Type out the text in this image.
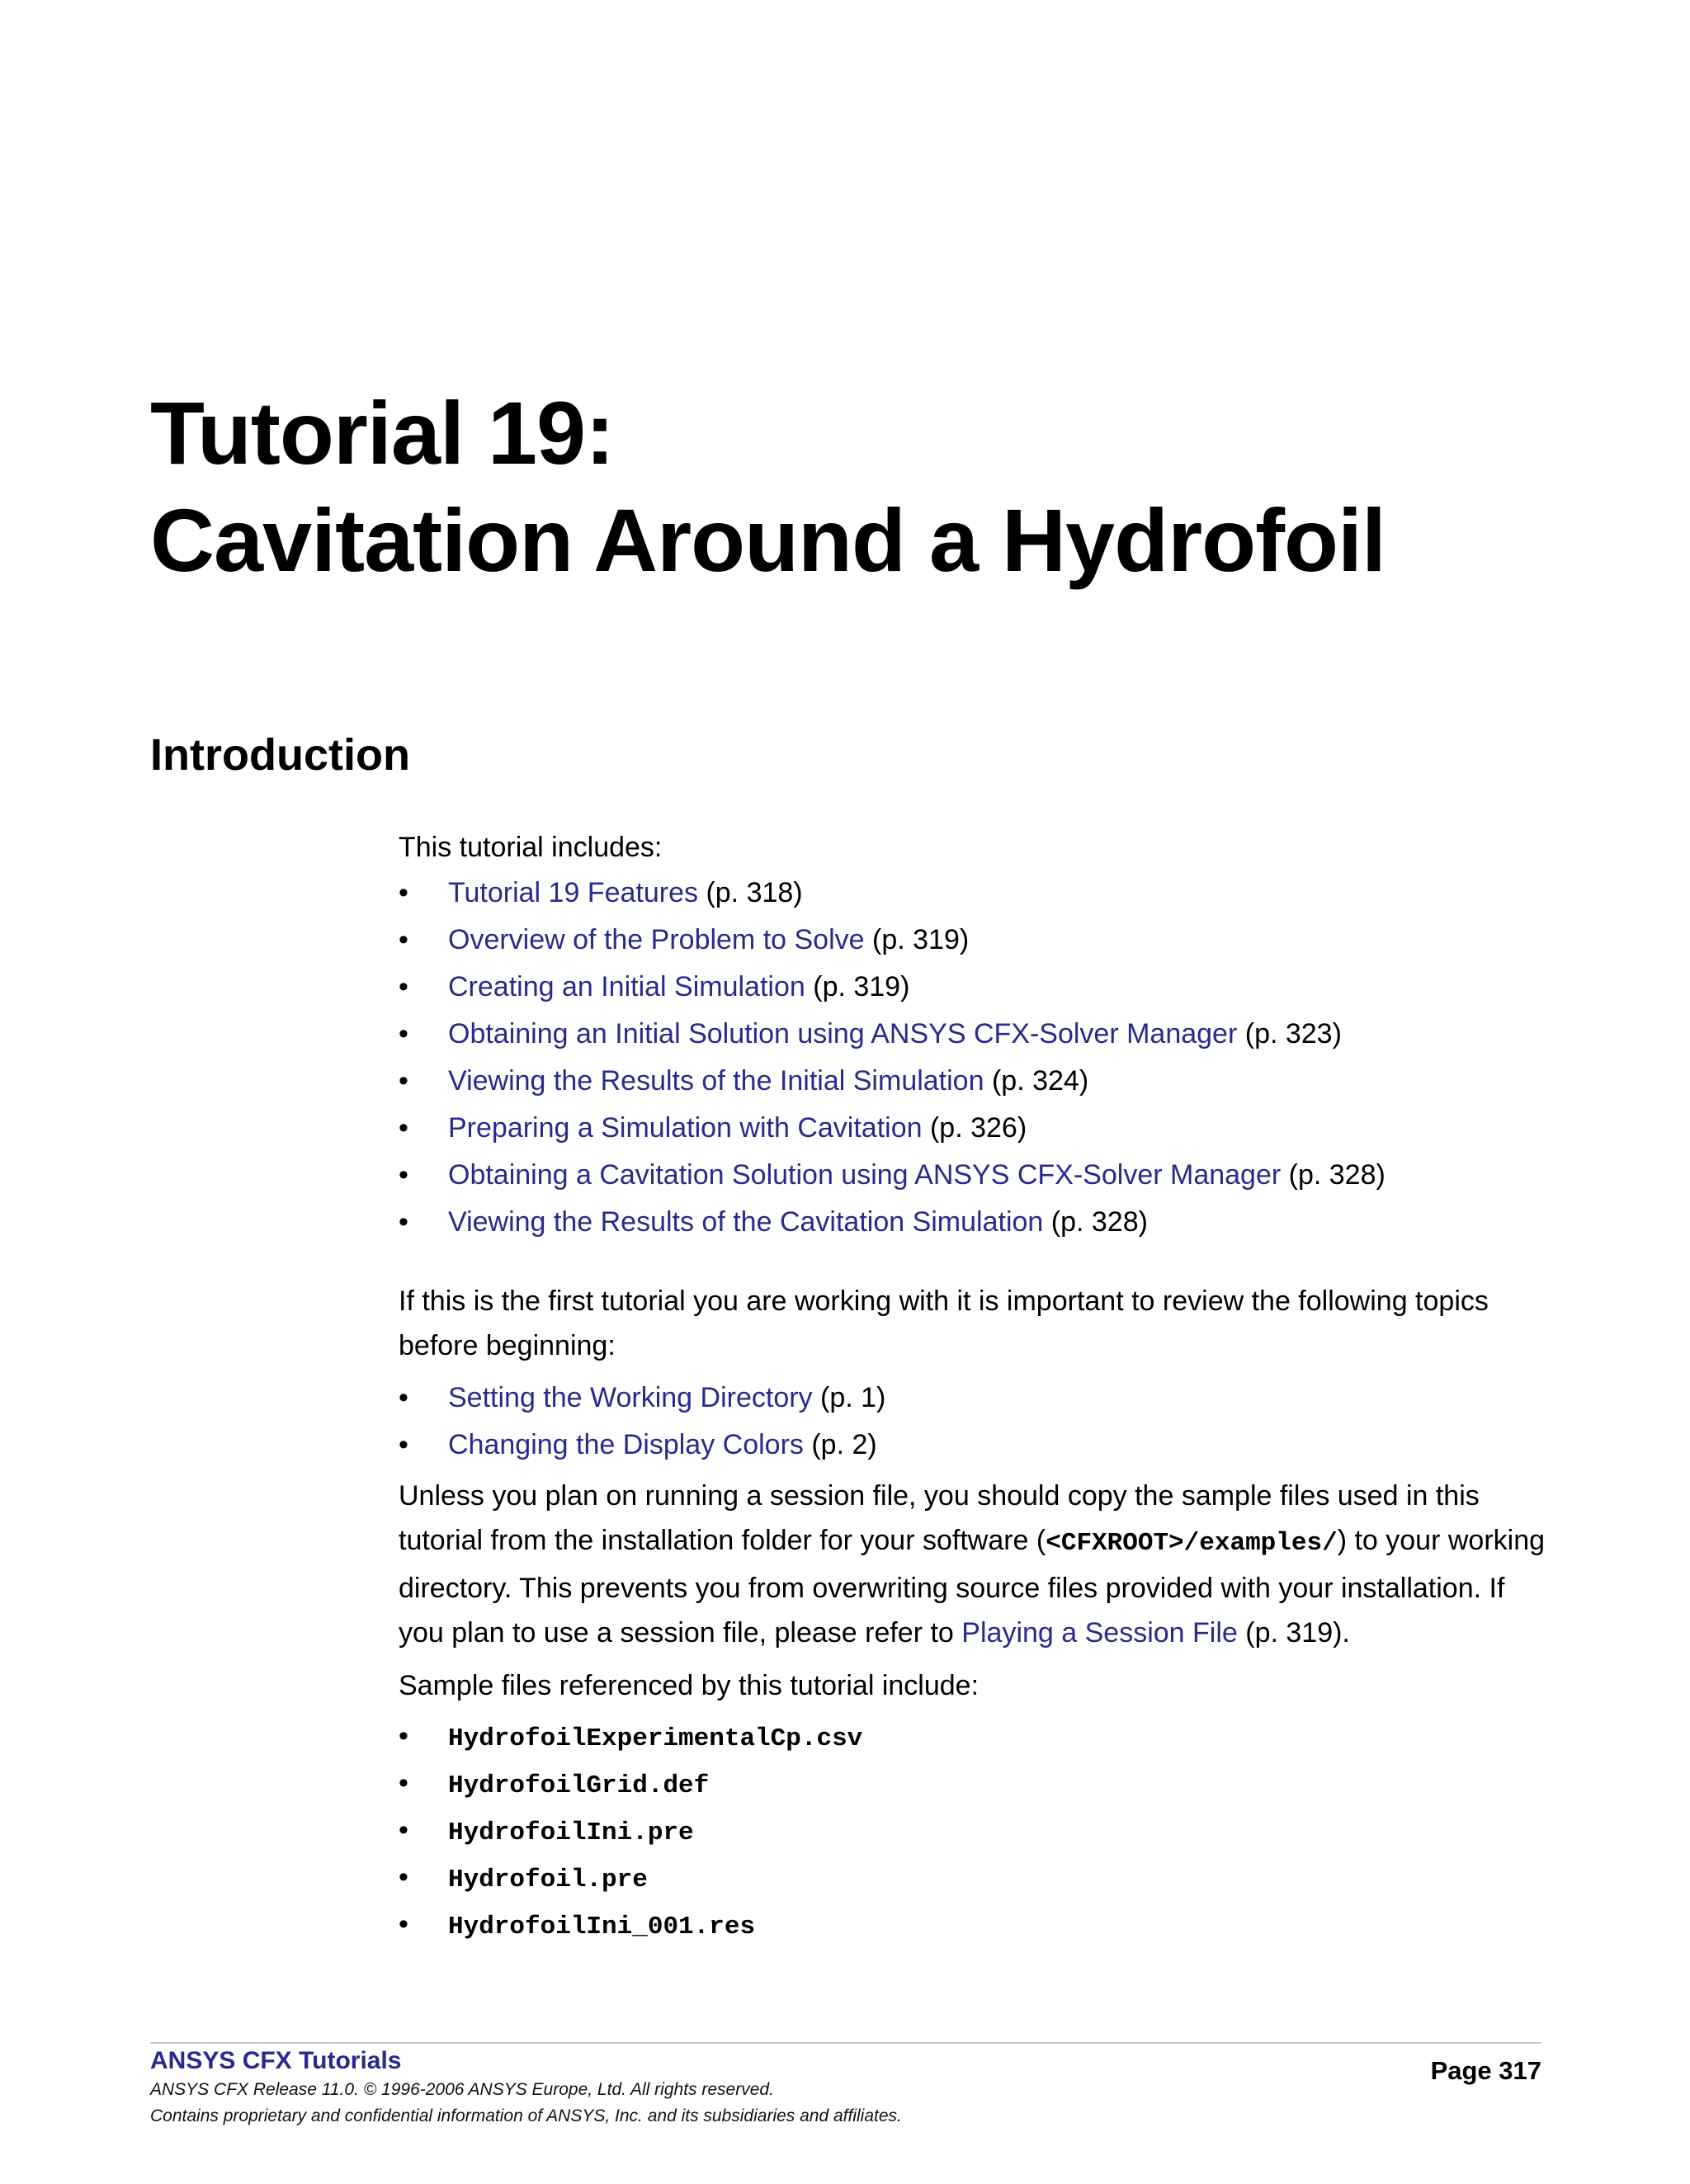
Tutorial 19:
Cavitation Around a Hydrofoil
Introduction

This tutorial includes:

• Tutorial 19 Features (p. 318)
• Overview of the Problem to Solve (p. 319)
• Creating an Initial Simulation (p. 319)
• Obtaining an Initial Solution using ANSYS CFX-Solver Manager (p. 323)
• Viewing the Results of the Initial Simulation (p. 324)
• Preparing a Simulation with Cavitation (p. 326)
• Obtaining a Cavitation Solution using ANSYS CFX-Solver Manager (p. 328)
• Viewing the Results of the Cavitation Simulation (p. 328)

If this is the first tutorial you are working with it is important to review the following topics before beginning:

• Setting the Working Directory (p. 1)
• Changing the Display Colors (p. 2)

Unless you plan on running a session file, you should copy the sample files used in this tutorial from the installation folder for your software (<CFXROOT>/examples/) to your working directory. This prevents you from overwriting source files provided with your installation. If you plan to use a session file, please refer to Playing a Session File (p. 319).

Sample files referenced by this tutorial include:

• HydrofoilExperimentalCp.csv
• HydrofoilGrid.def
• HydrofoilIni.pre
• Hydrofoil.pre
• HydrofoilIni_001.res
ANSYS CFX Tutorials
ANSYS CFX Release 11.0. © 1996-2006 ANSYS Europe, Ltd. All rights reserved.
Contains proprietary and confidential information of ANSYS, Inc. and its subsidiaries and affiliates.
Page 317
